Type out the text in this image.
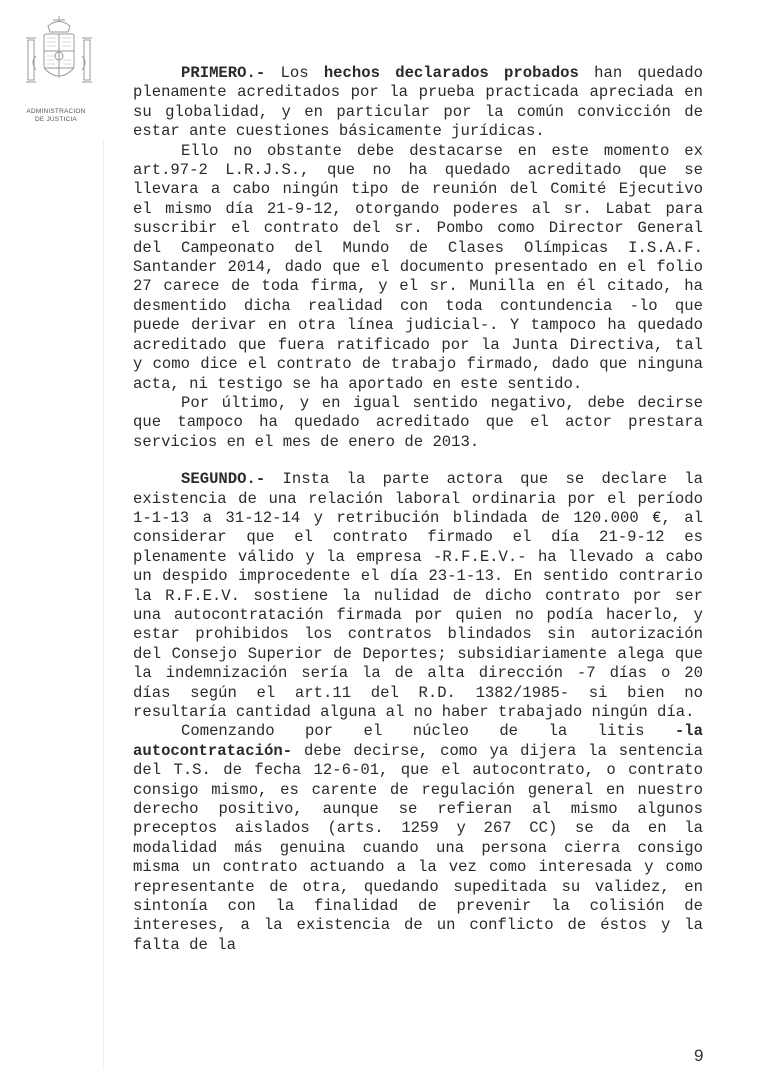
ADMINISTRACION
DE JUSTICIA

PRIMERO.- Los hechos declarados probados han quedado plenamente acreditados por la prueba practicada apreciada en su globalidad, y en particular por la común convicción de estar ante cuestiones básicamente jurídicas.

Ello no obstante debe destacarse en este momento ex art.97-2 L.R.J.S., que no ha quedado acreditado que se llevara a cabo ningún tipo de reunión del Comité Ejecutivo el mismo día 21-9-12, otorgando poderes al sr. Labat para suscribir el contrato del sr. Pombo como Director General del Campeonato del Mundo de Clases Olímpicas I.S.A.F. Santander 2014, dado que el documento presentado en el folio 27 carece de toda firma, y el sr. Munilla en él citado, ha desmentido dicha realidad con toda contundencia -lo que puede derivar en otra línea judicial-. Y tampoco ha quedado acreditado que fuera ratificado por la Junta Directiva, tal y como dice el contrato de trabajo firmado, dado que ninguna acta, ni testigo se ha aportado en este sentido.

Por último, y en igual sentido negativo, debe decirse que tampoco ha quedado acreditado que el actor prestara servicios en el mes de enero de 2013.

SEGUNDO.- Insta la parte actora que se declare la existencia de una relación laboral ordinaria por el período 1-1-13 a 31-12-14 y retribución blindada de 120.000 €, al considerar que el contrato firmado el día 21-9-12 es plenamente válido y la empresa -R.F.E.V.- ha llevado a cabo un despido improcedente el día 23-1-13. En sentido contrario la R.F.E.V. sostiene la nulidad de dicho contrato por ser una autocontratación firmada por quien no podía hacerlo, y estar prohibidos los contratos blindados sin autorización del Consejo Superior de Deportes; subsidiariamente alega que la indemnización sería la de alta dirección -7 días o 20 días según el art.11 del R.D. 1382/1985- si bien no resultaría cantidad alguna al no haber trabajado ningún día.

Comenzando por el núcleo de la litis -la autocontratación- debe decirse, como ya dijera la sentencia del T.S. de fecha 12-6-01, que el autocontrato, o contrato consigo mismo, es carente de regulación general en nuestro derecho positivo, aunque se refieran al mismo algunos preceptos aislados (arts. 1259 y 267 CC) se da en la modalidad más genuina cuando una persona cierra consigo misma un contrato actuando a la vez como interesada y como representante de otra, quedando supeditada su validez, en sintonía con la finalidad de prevenir la colisión de intereses, a la existencia de un conflicto de éstos y la falta de la

9
